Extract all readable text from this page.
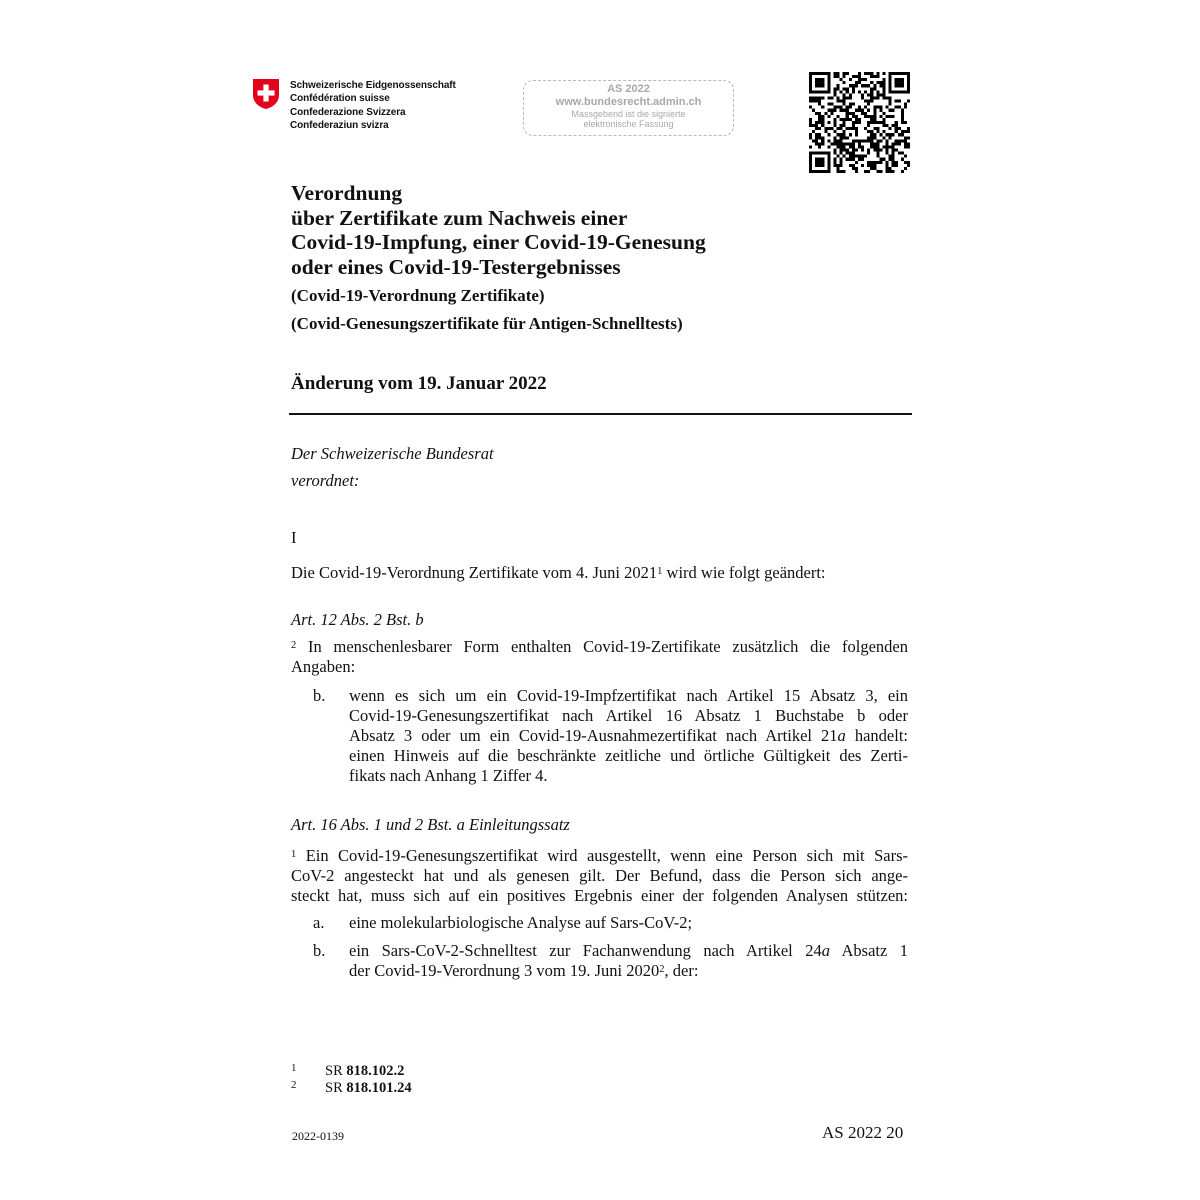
Schweizerische Eidgenossenschaft
Confédération suisse
Confederazione Svizzera
Confederaziun svizra
AS 2022
www.bundesrecht.admin.ch
Massgebend ist die signierte
elektronische Fassung
Verordnung
über Zertifikate zum Nachweis einer
Covid-19-Impfung, einer Covid-19-Genesung
oder eines Covid-19-Testergebnisses
(Covid-19-Verordnung Zertifikate)
(Covid-Genesungszertifikate für Antigen-Schnelltests)
Änderung vom 19. Januar 2022
Der Schweizerische Bundesrat
verordnet:
I
Die Covid-19-Verordnung Zertifikate vom 4. Juni 2021$^1$ wird wie folgt geändert:
Art. 12 Abs. 2 Bst. b
$^2$ In menschenlesbarer Form enthalten Covid-19-Zertifikate zusätzlich die folgenden
Angaben:
b. wenn es sich um ein Covid-19-Impfzertifikat nach Artikel 15 Absatz 3, ein
Covid-19-Genesungszertifikat nach Artikel 16 Absatz 1 Buchstabe b oder
Absatz 3 oder um ein Covid-19-Ausnahmezertifikat nach Artikel 21a handelt:
einen Hinweis auf die beschränkte zeitliche und örtliche Gültigkeit des Zerti-
fikats nach Anhang 1 Ziffer 4.
Art. 16 Abs. 1 und 2 Bst. a Einleitungssatz
$^1$ Ein Covid-19-Genesungszertifikat wird ausgestellt, wenn eine Person sich mit Sars-
CoV-2 angesteckt hat und als genesen gilt. Der Befund, dass die Person sich ange-
steckt hat, muss sich auf ein positives Ergebnis einer der folgenden Analysen stützen:
a. eine molekularbiologische Analyse auf Sars-CoV-2;
b. ein Sars-CoV-2-Schnelltest zur Fachanwendung nach Artikel 24a Absatz 1
der Covid-19-Verordnung 3 vom 19. Juni 2020$^2$, der:
1 SR 818.102.2
2 SR 818.101.24
2022-0139	AS 2022 20
